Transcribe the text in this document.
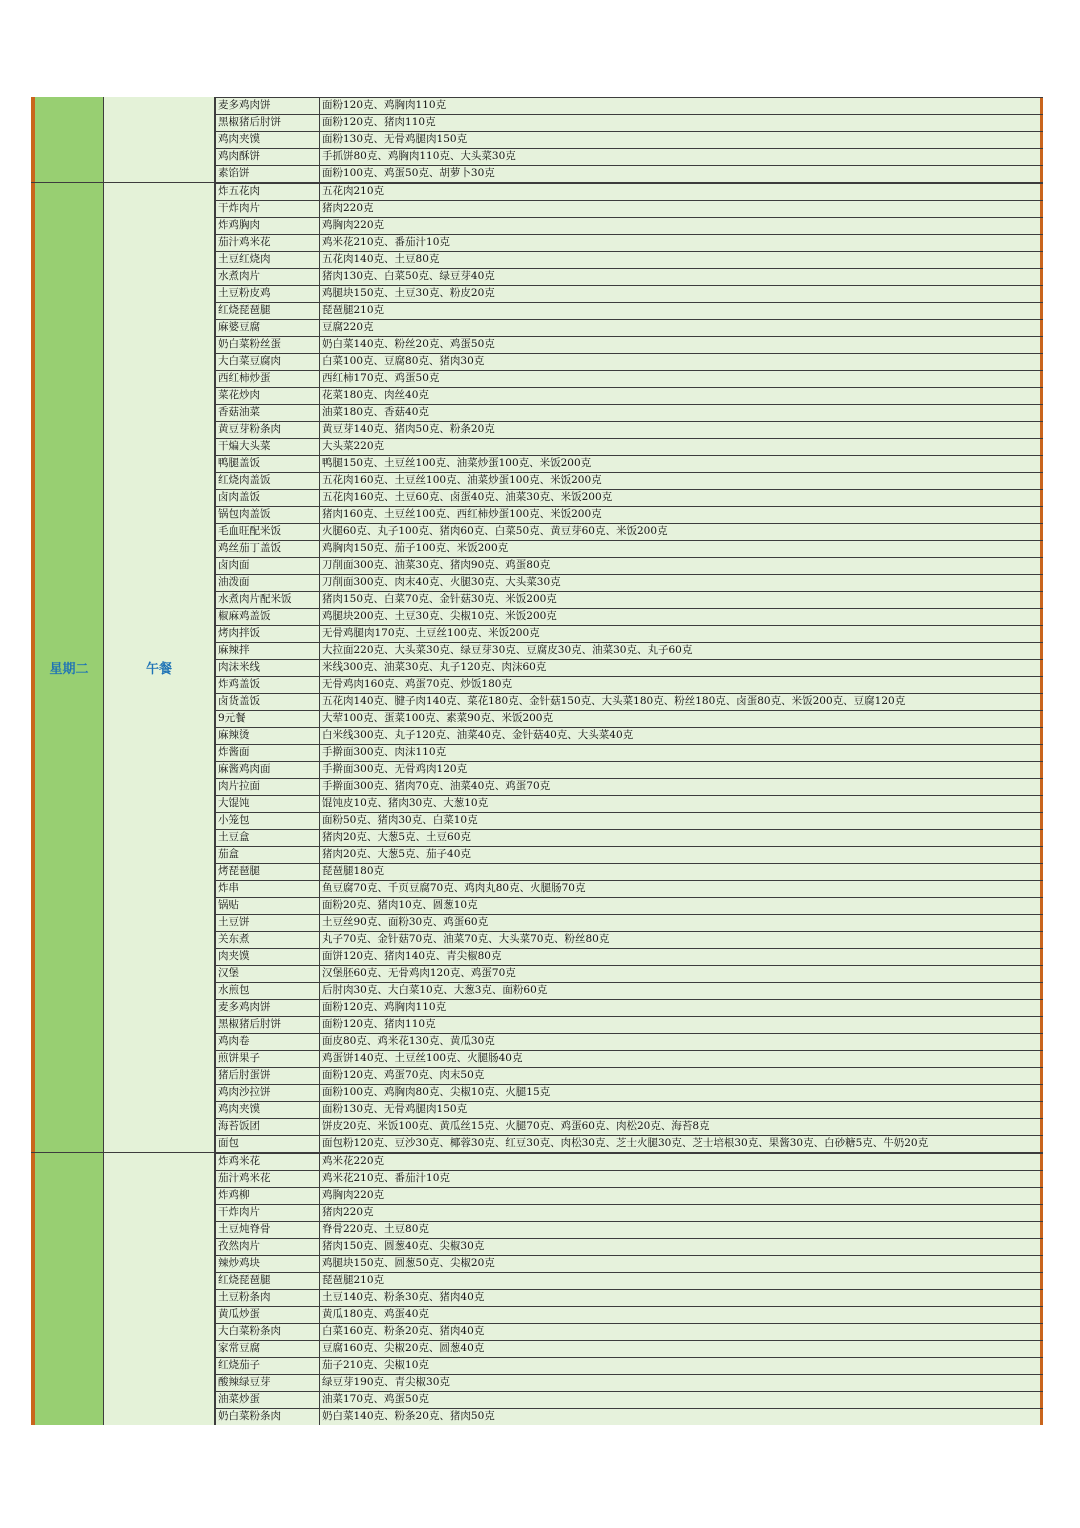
麦多鸡肉饼	面粉120克、鸡胸肉110克
黑椒猪后肘饼	面粉120克、猪肉110克
鸡肉夹馍	面粉130克、无骨鸡腿肉150克
鸡肉酥饼	手抓饼80克、鸡胸肉110克、大头菜30克
素馅饼	面粉100克、鸡蛋50克、胡萝卜30克
星期二	午餐
炸五花肉	五花肉210克
干炸肉片	猪肉220克
炸鸡胸肉	鸡胸肉220克
茄汁鸡米花	鸡米花210克、番茄汁10克
土豆红烧肉	五花肉140克、土豆80克
水煮肉片	猪肉130克、白菜50克、绿豆芽40克
土豆粉皮鸡	鸡腿块150克、土豆30克、粉皮20克
红烧琵琶腿	琵琶腿210克
麻婆豆腐	豆腐220克
奶白菜粉丝蛋	奶白菜140克、粉丝20克、鸡蛋50克
大白菜豆腐肉	白菜100克、豆腐80克、猪肉30克
西红柿炒蛋	西红柿170克、鸡蛋50克
菜花炒肉	花菜180克、肉丝40克
香菇油菜	油菜180克、香菇40克
黄豆芽粉条肉	黄豆芽140克、猪肉50克、粉条20克
干煸大头菜	大头菜220克
鸭腿盖饭	鸭腿150克、土豆丝100克、油菜炒蛋100克、米饭200克
红烧肉盖饭	五花肉160克、土豆丝100克、油菜炒蛋100克、米饭200克
卤肉盖饭	五花肉160克、土豆60克、卤蛋40克、油菜30克、米饭200克
锅包肉盖饭	猪肉160克、土豆丝100克、西红柿炒蛋100克、米饭200克
毛血旺配米饭	火腿60克、丸子100克、猪肉60克、白菜50克、黄豆芽60克、米饭200克
鸡丝茄丁盖饭	鸡胸肉150克、茄子100克、米饭200克
卤肉面	刀削面300克、油菜30克、猪肉90克、鸡蛋80克
油泼面	刀削面300克、肉末40克、火腿30克、大头菜30克
水煮肉片配米饭	猪肉150克、白菜70克、金针菇30克、米饭200克
椒麻鸡盖饭	鸡腿块200克、土豆30克、尖椒10克、米饭200克
烤肉拌饭	无骨鸡腿肉170克、土豆丝100克、米饭200克
麻辣拌	大拉面220克、大头菜30克、绿豆芽30克、豆腐皮30克、油菜30克、丸子60克
肉沫米线	米线300克、油菜30克、丸子120克、肉沫60克
炸鸡盖饭	无骨鸡肉160克、鸡蛋70克、炒饭180克
卤货盖饭	五花肉140克、腱子肉140克、菜花180克、金针菇150克、大头菜180克、粉丝180克、卤蛋80克、米饭200克、豆腐120克
9元餐	大荤100克、蛋菜100克、素菜90克、米饭200克
麻辣烫	白米线300克、丸子120克、油菜40克、金针菇40克、大头菜40克
炸酱面	手擀面300克、肉沫110克
麻酱鸡肉面	手擀面300克、无骨鸡肉120克
肉片拉面	手擀面300克、猪肉70克、油菜40克、鸡蛋70克
大馄饨	馄饨皮10克、猪肉30克、大葱10克
小笼包	面粉50克、猪肉30克、白菜10克
土豆盒	猪肉20克、大葱5克、土豆60克
茄盒	猪肉20克、大葱5克、茄子40克
烤琵琶腿	琵琶腿180克
炸串	鱼豆腐70克、千页豆腐70克、鸡肉丸80克、火腿肠70克
锅贴	面粉20克、猪肉10克、圆葱10克
土豆饼	土豆丝90克、面粉30克、鸡蛋60克
关东煮	丸子70克、金针菇70克、油菜70克、大头菜70克、粉丝80克
肉夹馍	面饼120克、猪肉140克、青尖椒80克
汉堡	汉堡胚60克、无骨鸡肉120克、鸡蛋70克
水煎包	后肘肉30克、大白菜10克、大葱3克、面粉60克
麦多鸡肉饼	面粉120克、鸡胸肉110克
黑椒猪后肘饼	面粉120克、猪肉110克
鸡肉卷	面皮80克、鸡米花130克、黄瓜30克
煎饼果子	鸡蛋饼140克、土豆丝100克、火腿肠40克
猪后肘蛋饼	面粉120克、鸡蛋70克、肉末50克
鸡肉沙拉饼	面粉100克、鸡胸肉80克、尖椒10克、火腿15克
鸡肉夹馍	面粉130克、无骨鸡腿肉150克
海苔饭团	饼皮20克、米饭100克、黄瓜丝15克、火腿70克、鸡蛋60克、肉松20克、海苔8克
面包	面包粉120克、豆沙30克、椰蓉30克、红豆30克、肉松30克、芝士火腿30克、芝士培根30克、果酱30克、白砂糖5克、牛奶20克
炸鸡米花	鸡米花220克
茄汁鸡米花	鸡米花210克、番茄汁10克
炸鸡柳	鸡胸肉220克
干炸肉片	猪肉220克
土豆炖脊骨	脊骨220克、土豆80克
孜然肉片	猪肉150克、圆葱40克、尖椒30克
辣炒鸡块	鸡腿块150克、圆葱50克、尖椒20克
红烧琵琶腿	琵琶腿210克
土豆粉条肉	土豆140克、粉条30克、猪肉40克
黄瓜炒蛋	黄瓜180克、鸡蛋40克
大白菜粉条肉	白菜160克、粉条20克、猪肉40克
家常豆腐	豆腐160克、尖椒20克、圆葱40克
红烧茄子	茄子210克、尖椒10克
酸辣绿豆芽	绿豆芽190克、青尖椒30克
油菜炒蛋	油菜170克、鸡蛋50克
奶白菜粉条肉	奶白菜140克、粉条20克、猪肉50克
